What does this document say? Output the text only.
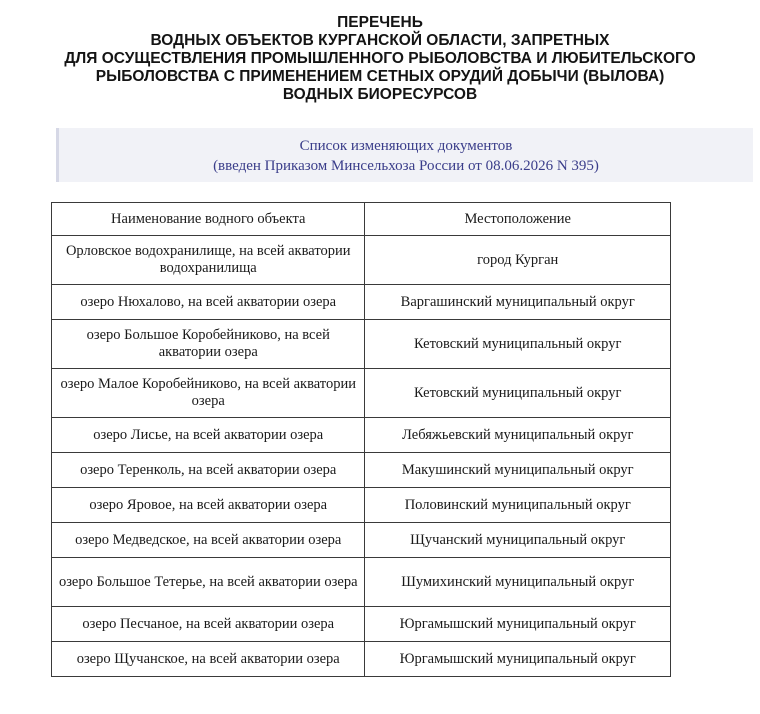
ПЕРЕЧЕНЬ
ВОДНЫХ ОБЪЕКТОВ КУРГАНСКОЙ ОБЛАСТИ, ЗАПРЕТНЫХ
ДЛЯ ОСУЩЕСТВЛЕНИЯ ПРОМЫШЛЕННОГО РЫБОЛОВСТВА И ЛЮБИТЕЛЬСКОГО
РЫБОЛОВСТВА С ПРИМЕНЕНИЕМ СЕТНЫХ ОРУДИЙ ДОБЫЧИ (ВЫЛОВА)
ВОДНЫХ БИОРЕСУРСОВ
Список изменяющих документов
(введен Приказом Минсельхоза России от 08.06.2026 N 395)
Наименование водного объекта	Местоположение
Орловское водохранилище, на всей акватории водохранилища	город Курган
озеро Нюхалово, на всей акватории озера	Варгашинский муниципальный округ
озеро Большое Коробейниково, на всей акватории озера	Кетовский муниципальный округ
озеро Малое Коробейниково, на всей акватории озера	Кетовский муниципальный округ
озеро Лисье, на всей акватории озера	Лебяжьевский муниципальный округ
озеро Теренколь, на всей акватории озера	Макушинский муниципальный округ
озеро Яровое, на всей акватории озера	Половинский муниципальный округ
озеро Медведское, на всей акватории озера	Щучанский муниципальный округ
озеро Большое Тетерье, на всей акватории озера	Шумихинский муниципальный округ
озеро Песчаное, на всей акватории озера	Юргамышский муниципальный округ
озеро Щучанское, на всей акватории озера	Юргамышский муниципальный округ
